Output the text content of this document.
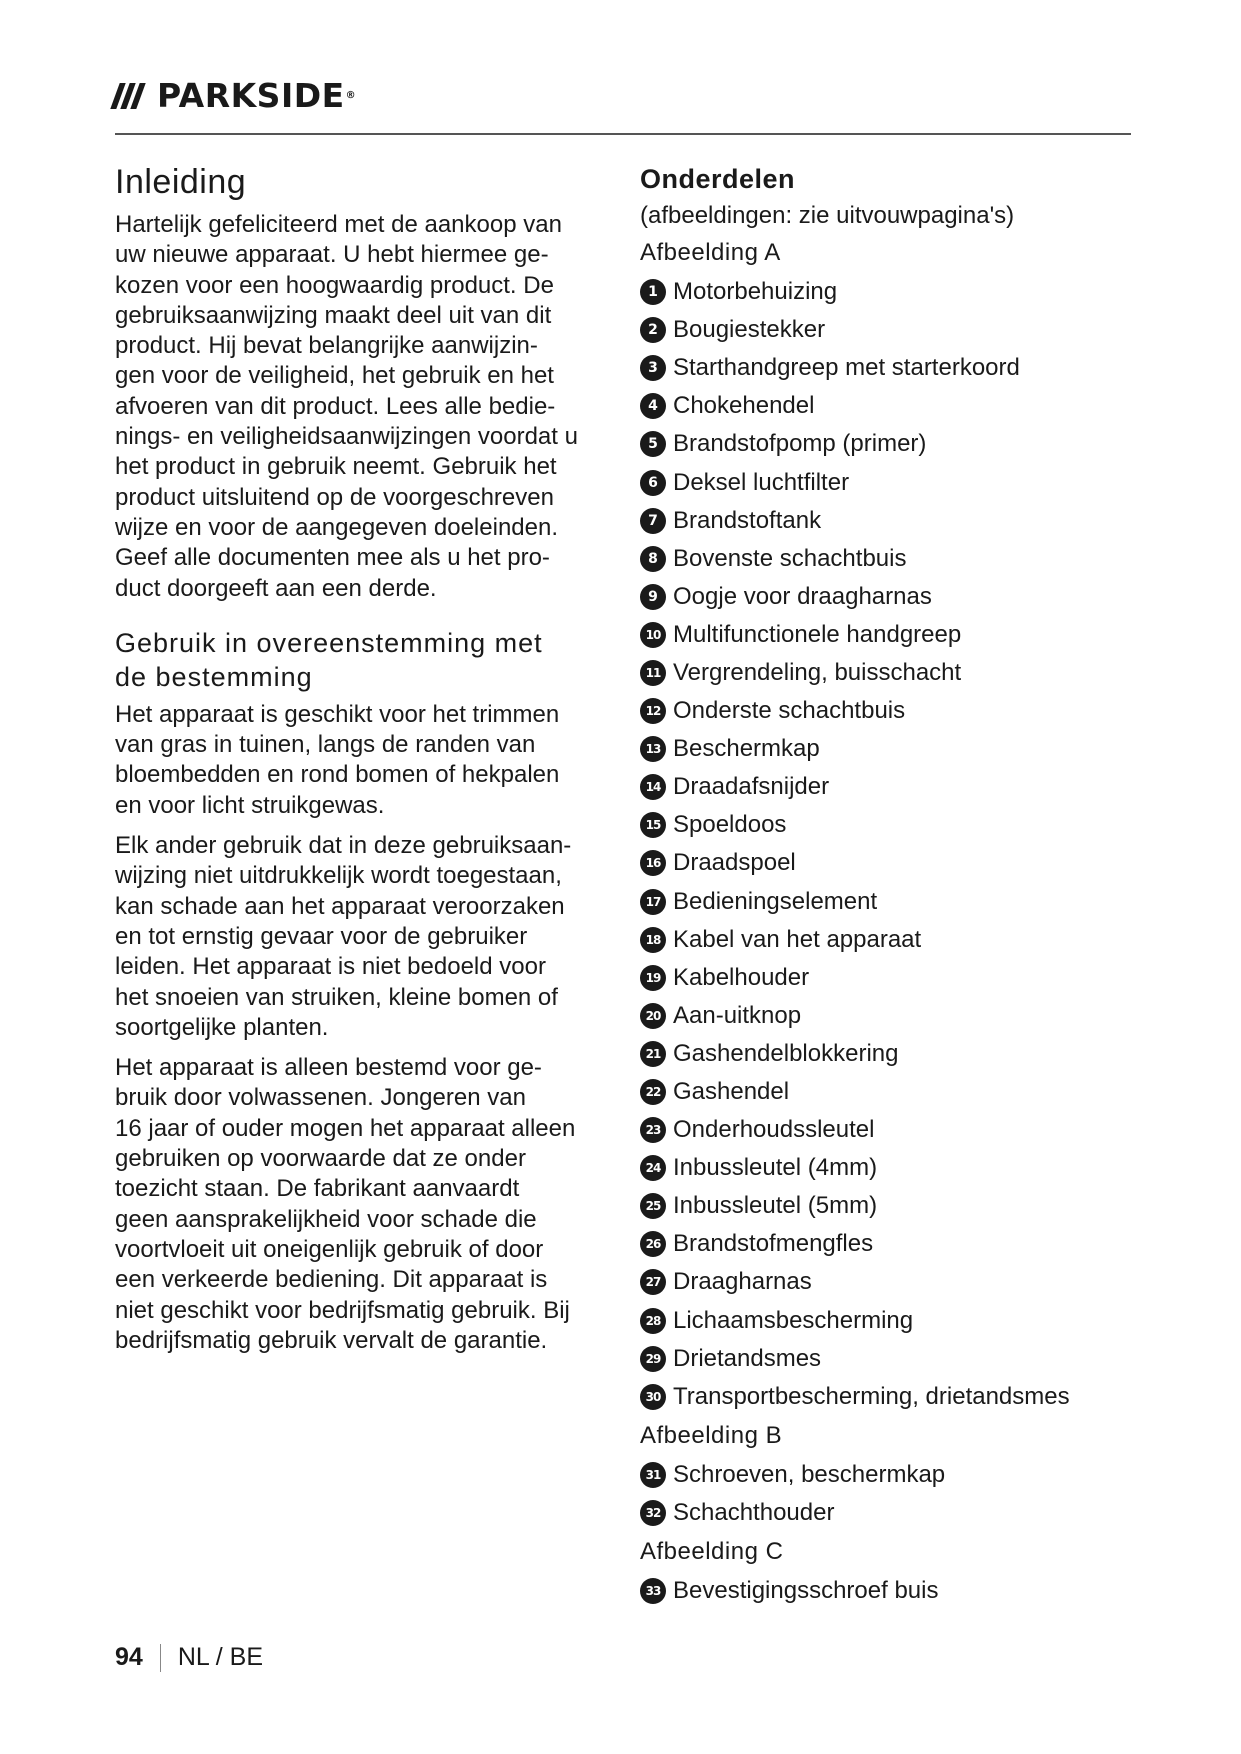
PARKSIDE ®
Inleiding
Hartelijk gefeliciteerd met de aankoop van
uw nieuwe apparaat. U hebt hiermee ge-
kozen voor een hoogwaardig product. De
gebruiksaanwijzing maakt deel uit van dit
product. Hij bevat belangrijke aanwijzin-
gen voor de veiligheid, het gebruik en het
afvoeren van dit product. Lees alle bedie-
nings- en veiligheidsaanwijzingen voordat u
het product in gebruik neemt. Gebruik het
product uitsluitend op de voorgeschreven
wijze en voor de aangegeven doeleinden.
Geef alle documenten mee als u het pro-
duct doorgeeft aan een derde.
Gebruik in overeenstemming met
de bestemming
Het apparaat is geschikt voor het trimmen
van gras in tuinen, langs de randen van
bloembedden en rond bomen of hekpalen
en voor licht struikgewas.
Elk ander gebruik dat in deze gebruiksaan-
wijzing niet uitdrukkelijk wordt toegestaan,
kan schade aan het apparaat veroorzaken
en tot ernstig gevaar voor de gebruiker
leiden. Het apparaat is niet bedoeld voor
het snoeien van struiken, kleine bomen of
soortgelijke planten.
Het apparaat is alleen bestemd voor ge-
bruik door volwassenen. Jongeren van
16 jaar of ouder mogen het apparaat alleen
gebruiken op voorwaarde dat ze onder
toezicht staan. De fabrikant aanvaardt
geen aansprakelijkheid voor schade die
voortvloeit uit oneigenlijk gebruik of door
een verkeerde bediening. Dit apparaat is
niet geschikt voor bedrijfsmatig gebruik. Bij
bedrijfsmatig gebruik vervalt de garantie.
Onderdelen

(afbeeldingen: zie uitvouwpagina's)

Afbeelding A
1 Motorbehuizing
2 Bougiestekker
3 Starthandgreep met starterkoord
4 Chokehendel
5 Brandstofpomp (primer)
6 Deksel luchtfilter
7 Brandstoftank
8 Bovenste schachtbuis
9 Oogje voor draagharnas
10 Multifunctionele handgreep
11 Vergrendeling, buisschacht
12 Onderste schachtbuis
13 Beschermkap
14 Draadafsnijder
15 Spoeldoos
16 Draadspoel
17 Bedieningselement
18 Kabel van het apparaat
19 Kabelhouder
20 Aan-uitknop
21 Gashendelblokkering
22 Gashendel
23 Onderhoudssleutel
24 Inbussleutel (4mm)
25 Inbussleutel (5mm)
26 Brandstofmengfles
27 Draagharnas
28 Lichaamsbescherming
29 Drietandsmes
30 Transportbescherming, drietandsmes
Afbeelding B
31 Schroeven, beschermkap
32 Schachthouder
Afbeelding C
33 Bevestigingsschroef buis
94 NL / BE
